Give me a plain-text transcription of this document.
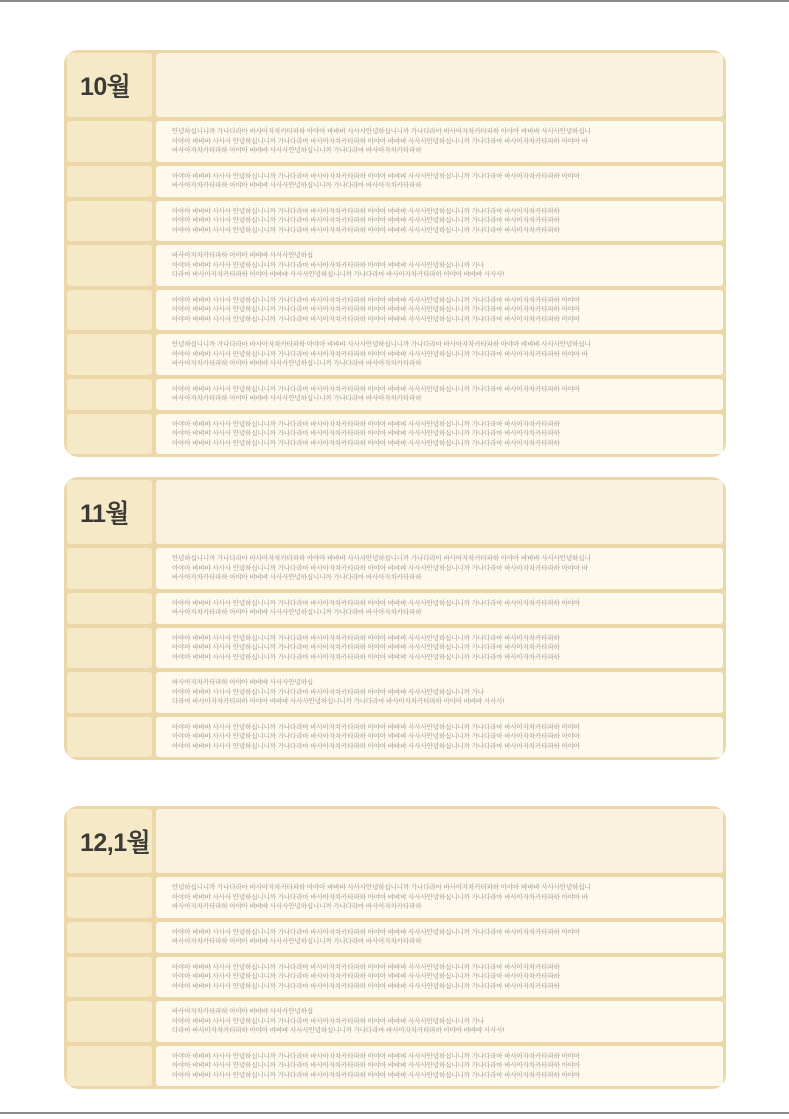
10월
안녕하십니니까 가나다라마 바사아자차카타파하 아야아 뱌뱌뱌 사사사안녕하십니니까 가나다라마 바사아자차카타파하 아야아 뱌뱌뱌 사사사안녕하십니
아야아 뱌뱌뱌 사사사 안녕하십니니까 가나다라마 바사아자차카타파하 아야아 뱌뱌뱌 사사사안녕하십니니까 가나다라마 바사아자차카타파하 아야아 바
바사아자차카타파하 아야아 뱌뱌뱌 사사사안녕하십니니까 가나다라마 바사아자차카타파하
아야아 뱌뱌뱌 사사사 안녕하십니니까 가나다라마 바사아자차카타파하 아야아 뱌뱌뱌 사사사안녕하십니니까 가나다라마 바사아자차카타파하 아야아
바사아자차카타파하 아야아 뱌뱌뱌 사사사안녕하십니니까 가나다라마 바사아자차카타파하
아야아 뱌뱌뱌 사사사 안녕하십니니까 가나다라마 바사아자차카타파하 아야아 뱌뱌뱌 사사사안녕하십니니까 가나다라마 바사아자차카타파하
아야아 뱌뱌뱌 사사사 안녕하십니니까 가나다라마 바사아자차카타파하 아야아 뱌뱌뱌 사사사안녕하십니니까 가나다라마 바사아자차카타파하
아야아 뱌뱌뱌 사사사 안녕하십니니까 가나다라마 바사아자차카타파하 아야아 뱌뱌뱌 사사사안녕하십니니까 가나다라마 바사아자차카타파하
바사아자차카타파하 아야아 뱌뱌뱌 사사사안녕하십
아야아 뱌뱌뱌 사사사 안녕하십니니까 가나다라마 바사아자차카타파하 아야아 뱌뱌뱌 사사사안녕하십니니까 가나
다라마 바사아자차카타파하 아야아 뱌뱌뱌 사사사안녕하십니니까 가나다라마 바사아자차카타파하 아야아 뱌뱌뱌 사사사!
아야아 뱌뱌뱌 사사사 안녕하십니니까 가나다라마 바사아자차카타파하 아야아 뱌뱌뱌 사사사안녕하십니니까 가나다라마 바사아자차카타파하 아야아
아야아 뱌뱌뱌 사사사 안녕하십니니까 가나다라마 바사아자차카타파하 아야아 뱌뱌뱌 사사사안녕하십니니까 가나다라마 바사아자차카타파하 아야아
아야아 뱌뱌뱌 사사사 안녕하십니니까 가나다라마 바사아자차카타파하 아야아 뱌뱌뱌 사사사안녕하십니니까 가나다라마 바사아자차카타파하 아야아
안녕하십니니까 가나다라마 바사아자차카타파하 아야아 뱌뱌뱌 사사사안녕하십니니까 가나다라마 바사아자차카타파하 아야아 뱌뱌뱌 사사사안녕하십니
아야아 뱌뱌뱌 사사사 안녕하십니니까 가나다라마 바사아자차카타파하 아야아 뱌뱌뱌 사사사안녕하십니니까 가나다라마 바사아자차카타파하 아야아 바
바사아자차카타파하 아야아 뱌뱌뱌 사사사안녕하십니니까 가나다라마 바사아자차카타파하
아야아 뱌뱌뱌 사사사 안녕하십니니까 가나다라마 바사아자차카타파하 아야아 뱌뱌뱌 사사사안녕하십니니까 가나다라마 바사아자차카타파하 아야아
바사아자차카타파하 아야아 뱌뱌뱌 사사사안녕하십니니까 가나다라마 바사아자차카타파하
아야아 뱌뱌뱌 사사사 안녕하십니니까 가나다라마 바사아자차카타파하 아야아 뱌뱌뱌 사사사안녕하십니니까 가나다라마 바사아자차카타파하
아야아 뱌뱌뱌 사사사 안녕하십니니까 가나다라마 바사아자차카타파하 아야아 뱌뱌뱌 사사사안녕하십니니까 가나다라마 바사아자차카타파하
아야아 뱌뱌뱌 사사사 안녕하십니니까 가나다라마 바사아자차카타파하 아야아 뱌뱌뱌 사사사안녕하십니니까 가나다라마 바사아자차카타파하
11월
안녕하십니니까 가나다라마 바사아자차카타파하 아야아 뱌뱌뱌 사사사안녕하십니니까 가나다라마 바사아자차카타파하 아야아 뱌뱌뱌 사사사안녕하십니
아야아 뱌뱌뱌 사사사 안녕하십니니까 가나다라마 바사아자차카타파하 아야아 뱌뱌뱌 사사사안녕하십니니까 가나다라마 바사아자차카타파하 아야아 바
바사아자차카타파하 아야아 뱌뱌뱌 사사사안녕하십니니까 가나다라마 바사아자차카타파하
아야아 뱌뱌뱌 사사사 안녕하십니니까 가나다라마 바사아자차카타파하 아야아 뱌뱌뱌 사사사안녕하십니니까 가나다라마 바사아자차카타파하 아야아
바사아자차카타파하 아야아 뱌뱌뱌 사사사안녕하십니니까 가나다라마 바사아자차카타파하
아야아 뱌뱌뱌 사사사 안녕하십니니까 가나다라마 바사아자차카타파하 아야아 뱌뱌뱌 사사사안녕하십니니까 가나다라마 바사아자차카타파하
아야아 뱌뱌뱌 사사사 안녕하십니니까 가나다라마 바사아자차카타파하 아야아 뱌뱌뱌 사사사안녕하십니니까 가나다라마 바사아자차카타파하
아야아 뱌뱌뱌 사사사 안녕하십니니까 가나다라마 바사아자차카타파하 아야아 뱌뱌뱌 사사사안녕하십니니까 가나다라마 바사아자차카타파하
바사아자차카타파하 아야아 뱌뱌뱌 사사사안녕하십
아야아 뱌뱌뱌 사사사 안녕하십니니까 가나다라마 바사아자차카타파하 아야아 뱌뱌뱌 사사사안녕하십니니까 가나
다라마 바사아자차카타파하 아야아 뱌뱌뱌 사사사안녕하십니니까 가나다라마 바사아자차카타파하 아야아 뱌뱌뱌 사사사!
아야아 뱌뱌뱌 사사사 안녕하십니니까 가나다라마 바사아자차카타파하 아야아 뱌뱌뱌 사사사안녕하십니니까 가나다라마 바사아자차카타파하 아야아
아야아 뱌뱌뱌 사사사 안녕하십니니까 가나다라마 바사아자차카타파하 아야아 뱌뱌뱌 사사사안녕하십니니까 가나다라마 바사아자차카타파하 아야아
아야아 뱌뱌뱌 사사사 안녕하십니니까 가나다라마 바사아자차카타파하 아야아 뱌뱌뱌 사사사안녕하십니니까 가나다라마 바사아자차카타파하 아야아
12,1월
안녕하십니니까 가나다라마 바사아자차카타파하 아야아 뱌뱌뱌 사사사안녕하십니니까 가나다라마 바사아자차카타파하 아야아 뱌뱌뱌 사사사안녕하십니
아야아 뱌뱌뱌 사사사 안녕하십니니까 가나다라마 바사아자차카타파하 아야아 뱌뱌뱌 사사사안녕하십니니까 가나다라마 바사아자차카타파하 아야아 바
바사아자차카타파하 아야아 뱌뱌뱌 사사사안녕하십니니까 가나다라마 바사아자차카타파하
아야아 뱌뱌뱌 사사사 안녕하십니니까 가나다라마 바사아자차카타파하 아야아 뱌뱌뱌 사사사안녕하십니니까 가나다라마 바사아자차카타파하 아야아
바사아자차카타파하 아야아 뱌뱌뱌 사사사안녕하십니니까 가나다라마 바사아자차카타파하
아야아 뱌뱌뱌 사사사 안녕하십니니까 가나다라마 바사아자차카타파하 아야아 뱌뱌뱌 사사사안녕하십니니까 가나다라마 바사아자차카타파하
아야아 뱌뱌뱌 사사사 안녕하십니니까 가나다라마 바사아자차카타파하 아야아 뱌뱌뱌 사사사안녕하십니니까 가나다라마 바사아자차카타파하
아야아 뱌뱌뱌 사사사 안녕하십니니까 가나다라마 바사아자차카타파하 아야아 뱌뱌뱌 사사사안녕하십니니까 가나다라마 바사아자차카타파하
바사아자차카타파하 아야아 뱌뱌뱌 사사사안녕하십
아야아 뱌뱌뱌 사사사 안녕하십니니까 가나다라마 바사아자차카타파하 아야아 뱌뱌뱌 사사사안녕하십니니까 가나
다라마 바사아자차카타파하 아야아 뱌뱌뱌 사사사안녕하십니니까 가나다라마 바사아자차카타파하 아야아 뱌뱌뱌 사사사!
아야아 뱌뱌뱌 사사사 안녕하십니니까 가나다라마 바사아자차카타파하 아야아 뱌뱌뱌 사사사안녕하십니니까 가나다라마 바사아자차카타파하 아야아
아야아 뱌뱌뱌 사사사 안녕하십니니까 가나다라마 바사아자차카타파하 아야아 뱌뱌뱌 사사사안녕하십니니까 가나다라마 바사아자차카타파하 아야아
아야아 뱌뱌뱌 사사사 안녕하십니니까 가나다라마 바사아자차카타파하 아야아 뱌뱌뱌 사사사안녕하십니니까 가나다라마 바사아자차카타파하 아야아
